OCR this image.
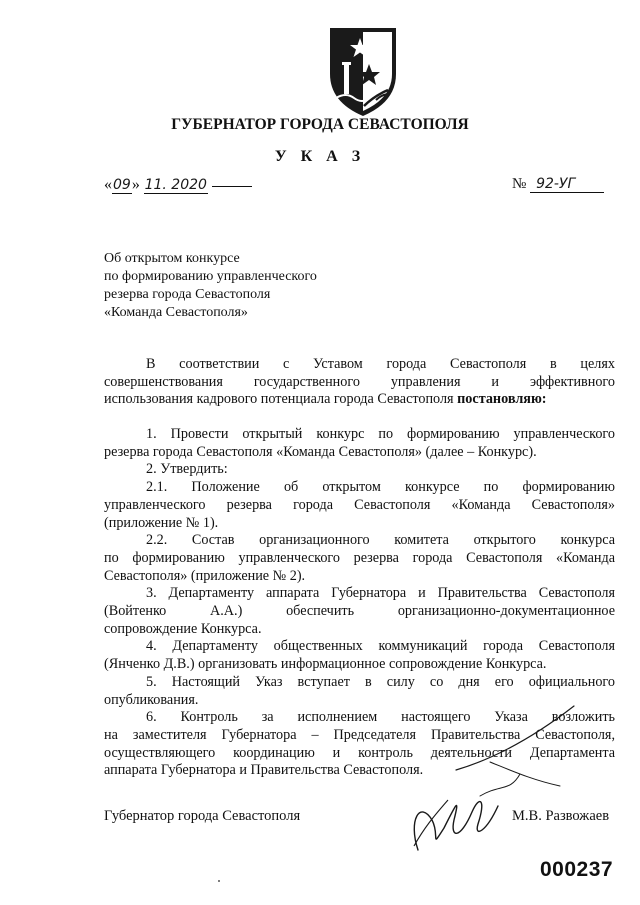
ГУБЕРНАТОР ГОРОДА СЕВАСТОПОЛЯ
У К А З
«09» 11. 2020	№ 92-УГ
Об открытом конкурсе
по формированию управленческого
резерва города Севастополя
«Команда Севастополя»
В соответствии с Уставом города Севастополя в целях
совершенствования государственного управления и эффективного
использования кадрового потенциала города Севастополя постановляю:
1. Провести открытый конкурс по формированию управленческого
резерва города Севастополя «Команда Севастополя» (далее – Конкурс).
2. Утвердить:
2.1. Положение об открытом конкурсе по формированию
управленческого резерва города Севастополя «Команда Севастополя»
(приложение № 1).
2.2. Состав организационного комитета открытого конкурса
по формированию управленческого резерва города Севастополя «Команда
Севастополя» (приложение № 2).
3. Департаменту аппарата Губернатора и Правительства Севастополя
(Войтенко А.А.) обеспечить организационно-документационное
сопровождение Конкурса.
4. Департаменту общественных коммуникаций города Севастополя
(Янченко Д.В.) организовать информационное сопровождение Конкурса.
5. Настоящий Указ вступает в силу со дня его официального
опубликования.
6. Контроль за исполнением настоящего Указа возложить
на заместителя Губернатора – Председателя Правительства Севастополя,
осуществляющего координацию и контроль деятельности Департамента
аппарата Губернатора и Правительства Севастополя.
Губернатор города Севастополя	М.В. Развожаев
000237
